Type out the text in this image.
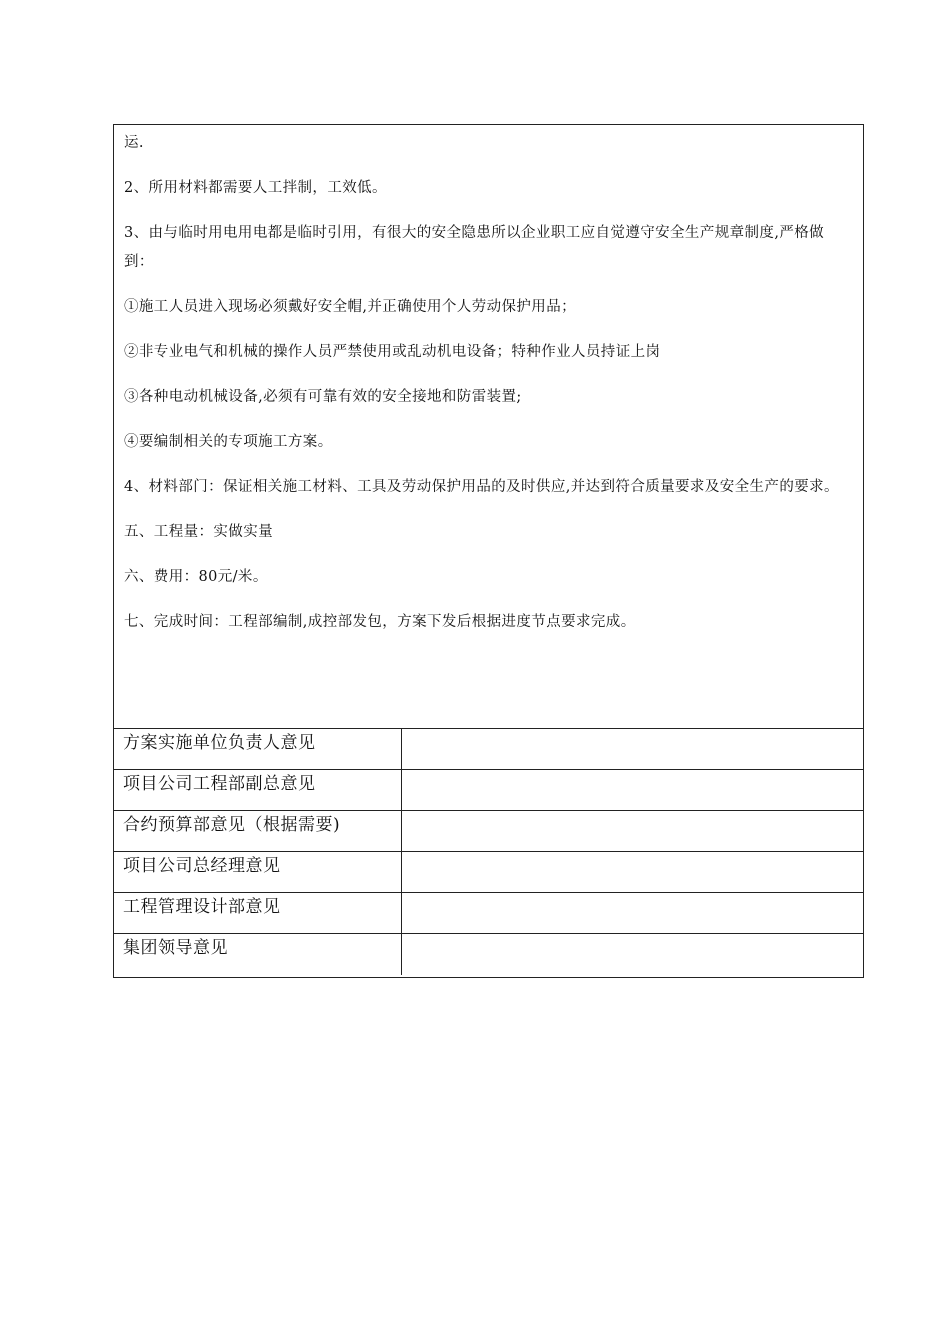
运.

2、所用材料都需要人工拌制，工效低。

3、由与临时用电用电都是临时引用，有很大的安全隐患所以企业职工应自觉遵守安全生产规章制度,严格做到：

①施工人员进入现场必须戴好安全帽,并正确使用个人劳动保护用品；

②非专业电气和机械的操作人员严禁使用或乱动机电设备；特种作业人员持证上岗

③各种电动机械设备,必须有可靠有效的安全接地和防雷装置;

④要编制相关的专项施工方案。

4、材料部门：保证相关施工材料、工具及劳动保护用品的及时供应,并达到符合质量要求及安全生产的要求。

五、工程量：实做实量

六、费用：80元/米。

七、完成时间：工程部编制,成控部发包，方案下发后根据进度节点要求完成。

方案实施单位负责人意见	
项目公司工程部副总意见	
合约预算部意见（根据需要)	
项目公司总经理意见	
工程管理设计部意见	
集团领导意见	
